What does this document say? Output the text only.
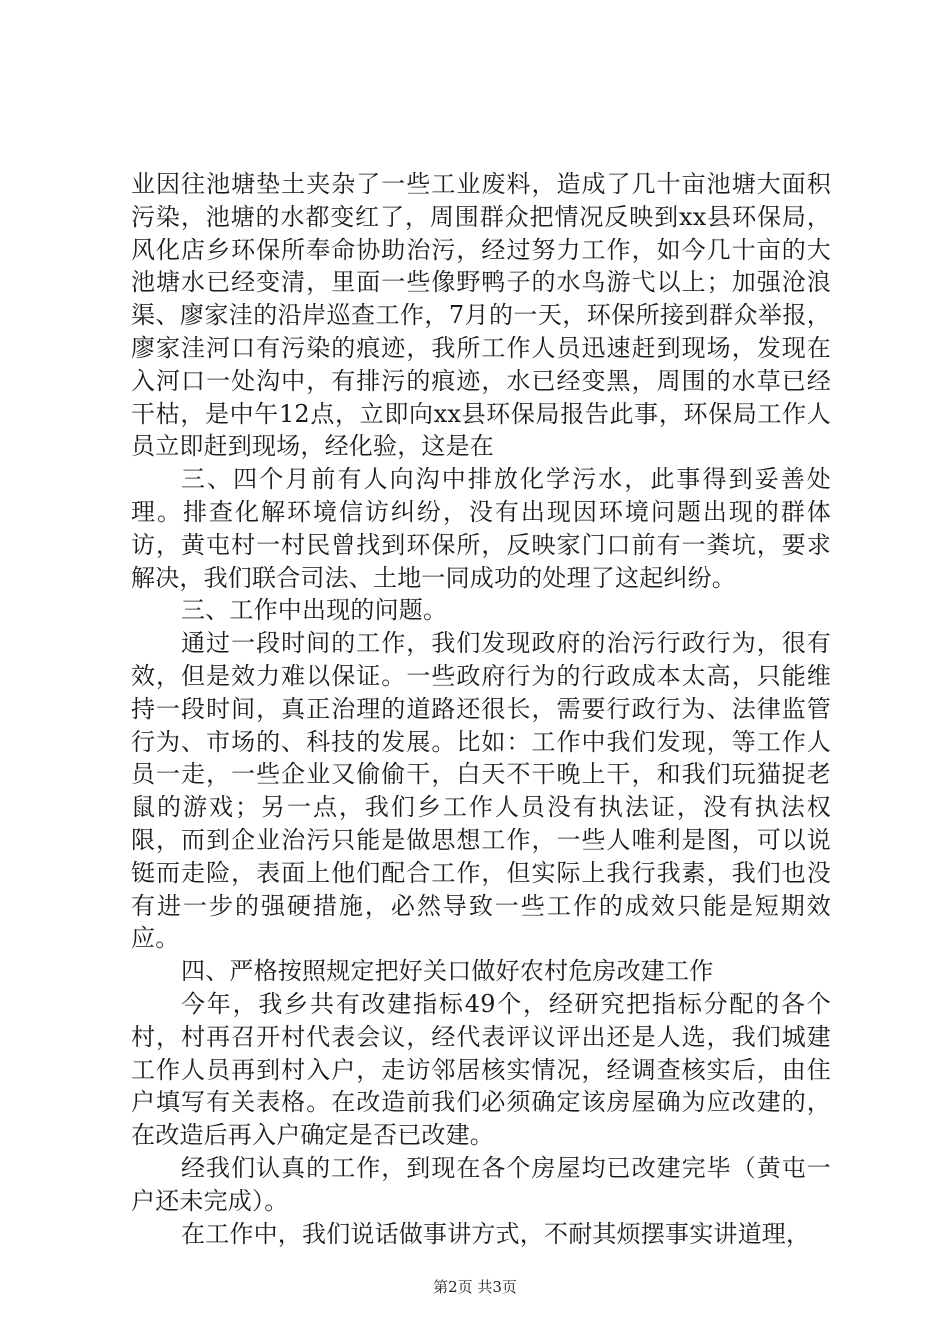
业因往池塘垫土夹杂了一些工业废料，造成了几十亩池塘大面积污染，池塘的水都变红了，周围群众把情况反映到xx县环保局，风化店乡环保所奉命协助治污，经过努力工作，如今几十亩的大池塘水已经变清，里面一些像野鸭子的水鸟游弋以上；加强沧浪渠、廖家洼的沿岸巡查工作，7月的一天，环保所接到群众举报，廖家洼河口有污染的痕迹，我所工作人员迅速赶到现场，发现在入河口一处沟中，有排污的痕迹，水已经变黑，周围的水草已经干枯，是中午12点，立即向xx县环保局报告此事，环保局工作人员立即赶到现场，经化验，这是在

三、四个月前有人向沟中排放化学污水，此事得到妥善处理。排查化解环境信访纠纷，没有出现因环境问题出现的群体访，黄屯村一村民曾找到环保所，反映家门口前有一粪坑，要求解决，我们联合司法、土地一同成功的处理了这起纠纷。

三、工作中出现的问题。

通过一段时间的工作，我们发现政府的治污行政行为，很有效，但是效力难以保证。一些政府行为的行政成本太高，只能维持一段时间，真正治理的道路还很长，需要行政行为、法律监管行为、市场的、科技的发展。比如：工作中我们发现，等工作人员一走，一些企业又偷偷干，白天不干晚上干，和我们玩猫捉老鼠的游戏；另一点，我们乡工作人员没有执法证，没有执法权限，而到企业治污只能是做思想工作，一些人唯利是图，可以说铤而走险，表面上他们配合工作，但实际上我行我素，我们也没有进一步的强硬措施，必然导致一些工作的成效只能是短期效应。

四、严格按照规定把好关口做好农村危房改建工作

今年，我乡共有改建指标49个，经研究把指标分配的各个村，村再召开村代表会议，经代表评议评出还是人选，我们城建工作人员再到村入户，走访邻居核实情况，经调查核实后，由住户填写有关表格。在改造前我们必须确定该房屋确为应改建的，在改造后再入户确定是否已改建。

经我们认真的工作，到现在各个房屋均已改建完毕（黄屯一户还未完成）。

在工作中，我们说话做事讲方式，不耐其烦摆事实讲道理，

第2页 共3页
